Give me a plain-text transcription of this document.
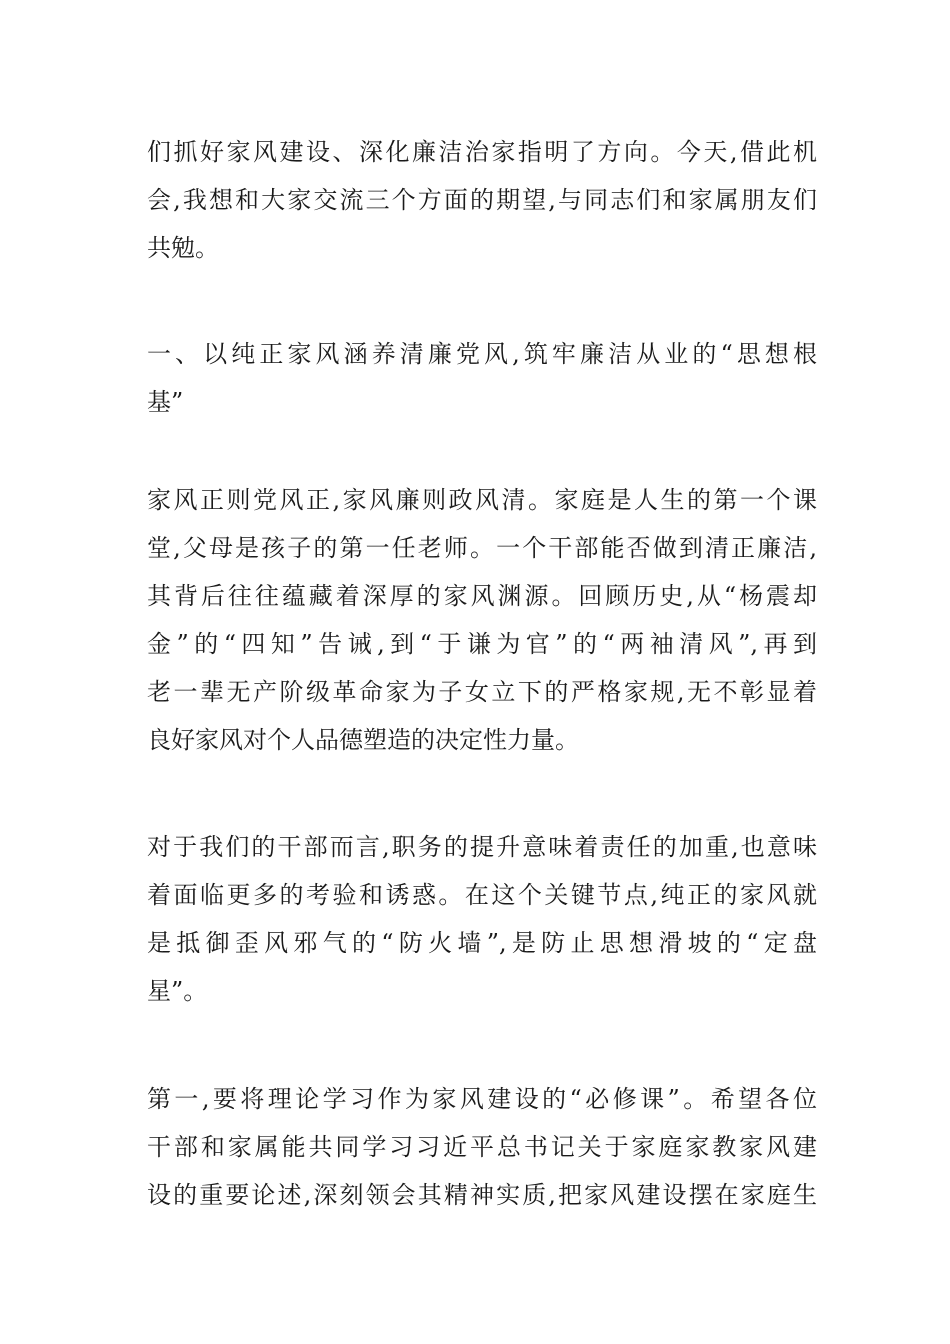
们抓好家风建设、深化廉洁治家指明了方向。今天,借此机
会,我想和大家交流三个方面的期望,与同志们和家属朋友们
共勉。
一、以纯正家风涵养清廉党风,筑牢廉洁从业的“思想根
基”
家风正则党风正,家风廉则政风清。家庭是人生的第一个课
堂,父母是孩子的第一任老师。一个干部能否做到清正廉洁,
其背后往往蕴藏着深厚的家风渊源。回顾历史,从“杨震却
金”的“四知”告诫,到“于谦为官”的“两袖清风”,再到
老一辈无产阶级革命家为子女立下的严格家规,无不彰显着
良好家风对个人品德塑造的决定性力量。
对于我们的干部而言,职务的提升意味着责任的加重,也意味
着面临更多的考验和诱惑。在这个关键节点,纯正的家风就
是抵御歪风邪气的“防火墙”,是防止思想滑坡的“定盘
星”。
第一,要将理论学习作为家风建设的“必修课”。希望各位
干部和家属能共同学习习近平总书记关于家庭家教家风建
设的重要论述,深刻领会其精神实质,把家风建设摆在家庭生
